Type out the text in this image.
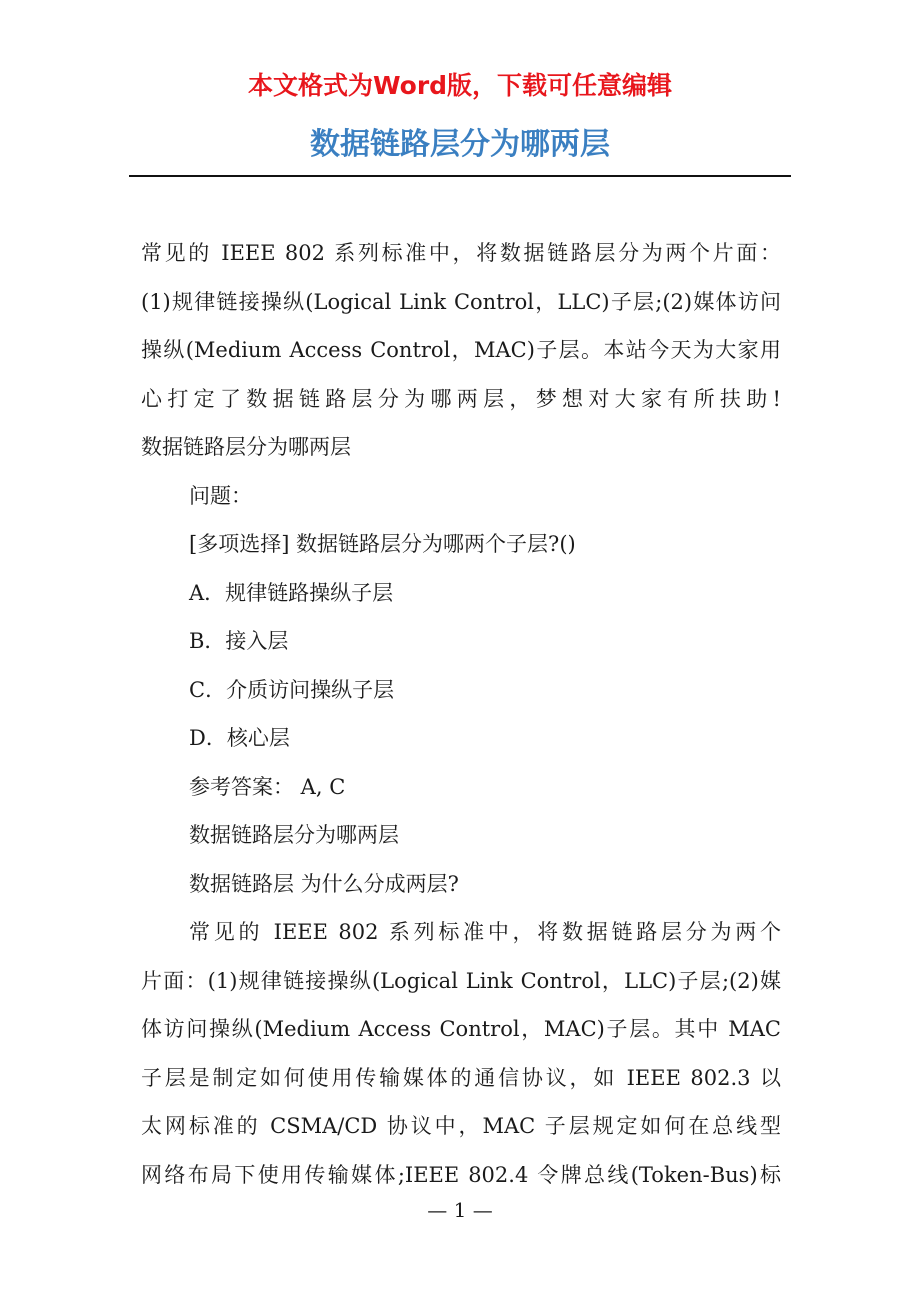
本文格式为Word版，下载可任意编辑
数据链路层分为哪两层
常见的 IEEE 802 系列标准中，将数据链路层分为两个片面：
(1)规律链接操纵(Logical Link Control，LLC)子层;(2)媒体访问
操纵(Medium Access Control，MAC)子层。本站今天为大家用
心打定了数据链路层分为哪两层，梦想对大家有所扶助!
数据链路层分为哪两层
问题：
[多项选择] 数据链路层分为哪两个子层?()
A．规律链路操纵子层
B．接入层
C．介质访问操纵子层
D．核心层
参考答案： A, C
数据链路层分为哪两层
数据链路层 为什么分成两层?
常见的 IEEE 802 系列标准中，将数据链路层分为两个
片面：(1)规律链接操纵(Logical Link Control，LLC)子层;(2)媒
体访问操纵(Medium Access Control，MAC)子层。其中 MAC
子层是制定如何使用传输媒体的通信协议，如 IEEE 802.3 以
太网标准的 CSMA/CD 协议中，MAC 子层规定如何在总线型
网络布局下使用传输媒体;IEEE 802.4 令牌总线(Token-Bus)标
— 1 —
